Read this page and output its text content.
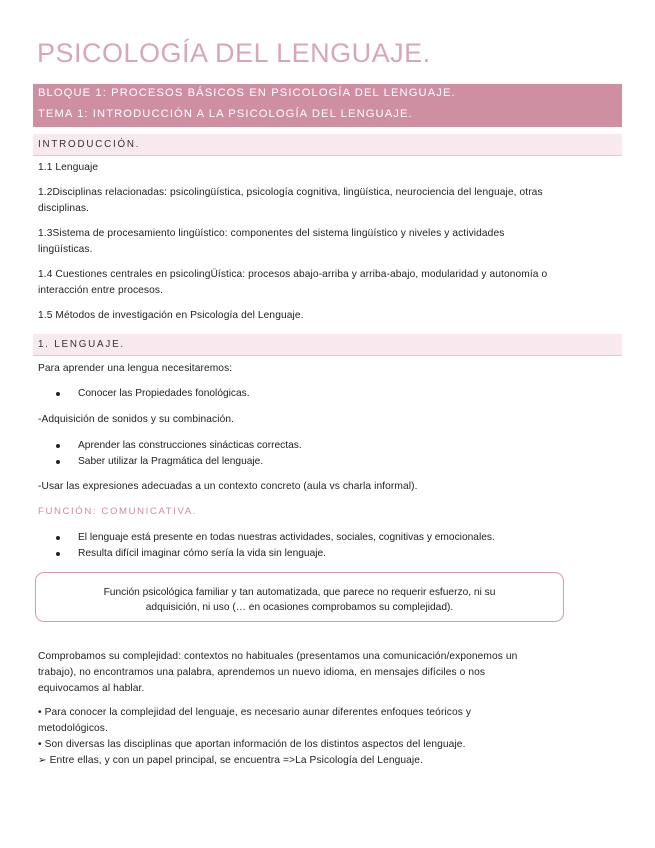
PSICOLOGÍA DEL LENGUAJE.
BLOQUE 1: PROCESOS BÁSICOS EN PSICOLOGÍA DEL LENGUAJE.
TEMA 1: INTRODUCCIÓN A LA PSICOLOGÍA DEL LENGUAJE.
INTRODUCCIÓN.
1.1 Lenguaje
1.2Disciplinas relacionadas: psicolingüística, psicología cognitiva, lingüística, neurociencia del lenguaje, otras
disciplinas.
1.3Sistema de procesamiento lingüístico: componentes del sistema lingüístico y niveles y actividades
lingüísticas.
1.4 Cuestiones centrales en psicolingÜística: procesos abajo-arriba y arriba-abajo, modularidad y autonomía o
interacción entre procesos.
1.5 Métodos de investigación en Psicología del Lenguaje.
1. LENGUAJE.
Para aprender una lengua necesitaremos:
Conocer las Propiedades fonológicas.
-Adquisición de sonidos y su combinación.
Aprender las construcciones sinácticas correctas.
Saber utilizar la Pragmática del lenguaje.
-Usar las expresiones adecuadas a un contexto concreto (aula vs charla informal).
FUNCIÓN: COMUNICATIVA.
El lenguaje está presente en todas nuestras actividades, sociales, cognitivas y emocionales.
Resulta difícil imaginar cómo sería la vida sin lenguaje.
Función psicológica familiar y tan automatizada, que parece no requerir esfuerzo, ni su
adquisición, ni uso (… en ocasiones comprobamos su complejidad).
Comprobamos su complejidad: contextos no habituales (presentamos una comunicación/exponemos un
trabajo), no encontramos una palabra, aprendemos un nuevo idioma, en mensajes difíciles o nos
equivocamos al hablar.
• Para conocer la complejidad del lenguaje, es necesario aunar diferentes enfoques teóricos y
metodológicos.
• Son diversas las disciplinas que aportan información de los distintos aspectos del lenguaje.
➢ Entre ellas, y con un papel principal, se encuentra =>La Psicología del Lenguaje.
